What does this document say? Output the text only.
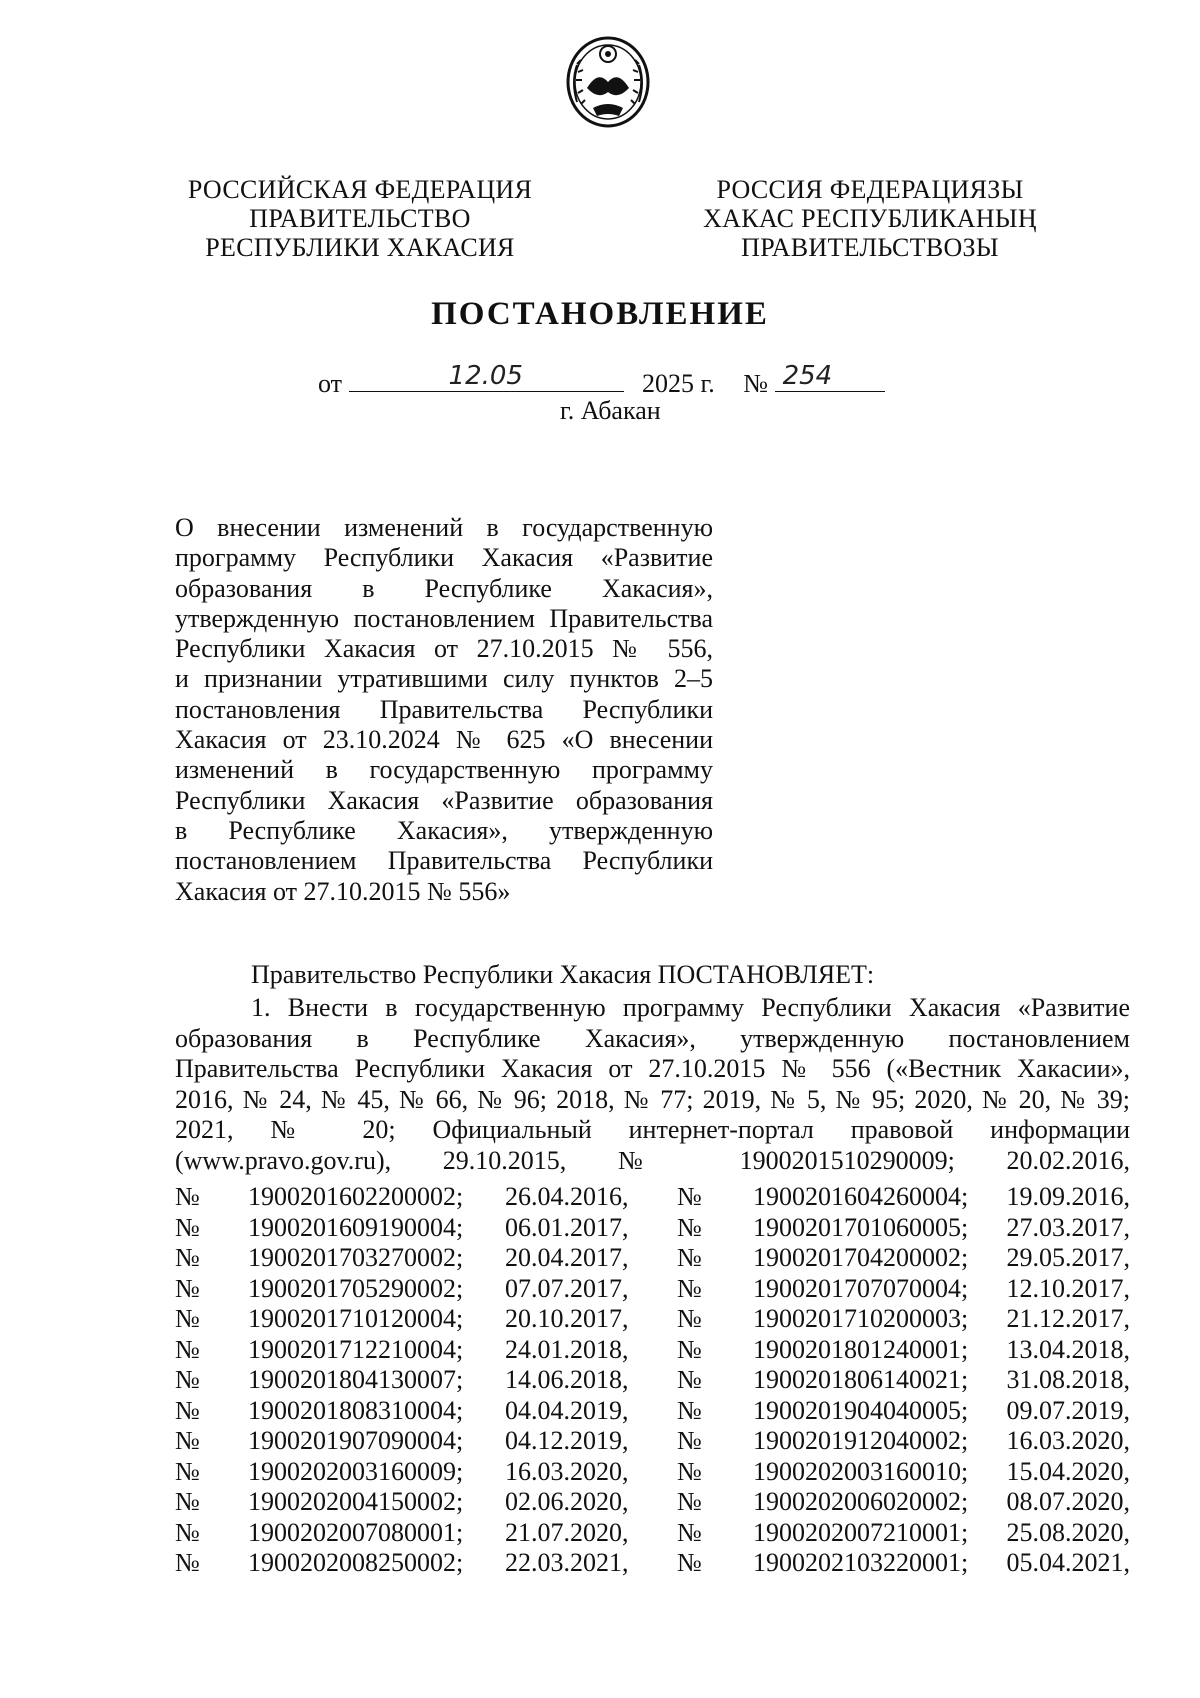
РОССИЙСКАЯ ФЕДЕРАЦИЯ
ПРАВИТЕЛЬСТВО
РЕСПУБЛИКИ ХАКАСИЯ
РОССИЯ ФЕДЕРАЦИЯЗЫ
ХАКАС РЕСПУБЛИКАНЫҢ
ПРАВИТЕЛЬСТВОЗЫ
ПОСТАНОВЛЕНИЕ
от	12.05	2025 г. № 254
г. Абакан
О внесении изменений в государственную
программу Республики Хакасия «Развитие
образования в Республике Хакасия»,
утвержденную постановлением Правительства
Республики Хакасия от 27.10.2015 № 556,
и признании утратившими силу пунктов 2–5
постановления Правительства Республики
Хакасия от 23.10.2024 № 625 «О внесении
изменений в государственную программу
Республики Хакасия «Развитие образования
в Республике Хакасия», утвержденную
постановлением Правительства Республики
Хакасия от 27.10.2015 № 556»
Правительство Республики Хакасия ПОСТАНОВЛЯЕТ:
1. Внести в государственную программу Республики Хакасия «Развитие
образования в Республике Хакасия», утвержденную постановлением
Правительства Республики Хакасия от 27.10.2015 № 556 («Вестник Хакасии»,
2016, № 24, № 45, № 66, № 96; 2018, № 77; 2019, № 5, № 95; 2020, № 20, № 39;
2021, № 20; Официальный интернет-портал правовой информации
(www.pravo.gov.ru), 29.10.2015, № 1900201510290009; 20.02.2016,
№ 1900201602200002; 26.04.2016, № 1900201604260004; 19.09.2016,
№ 1900201609190004; 06.01.2017, № 1900201701060005; 27.03.2017,
№ 1900201703270002; 20.04.2017, № 1900201704200002; 29.05.2017,
№ 1900201705290002; 07.07.2017, № 1900201707070004; 12.10.2017,
№ 1900201710120004; 20.10.2017, № 1900201710200003; 21.12.2017,
№ 1900201712210004; 24.01.2018, № 1900201801240001; 13.04.2018,
№ 1900201804130007; 14.06.2018, № 1900201806140021; 31.08.2018,
№ 1900201808310004; 04.04.2019, № 1900201904040005; 09.07.2019,
№ 1900201907090004; 04.12.2019, № 1900201912040002; 16.03.2020,
№ 1900202003160009; 16.03.2020, № 1900202003160010; 15.04.2020,
№ 1900202004150002; 02.06.2020, № 1900202006020002; 08.07.2020,
№ 1900202007080001; 21.07.2020, № 1900202007210001; 25.08.2020,
№ 1900202008250002; 22.03.2021, № 1900202103220001; 05.04.2021,
